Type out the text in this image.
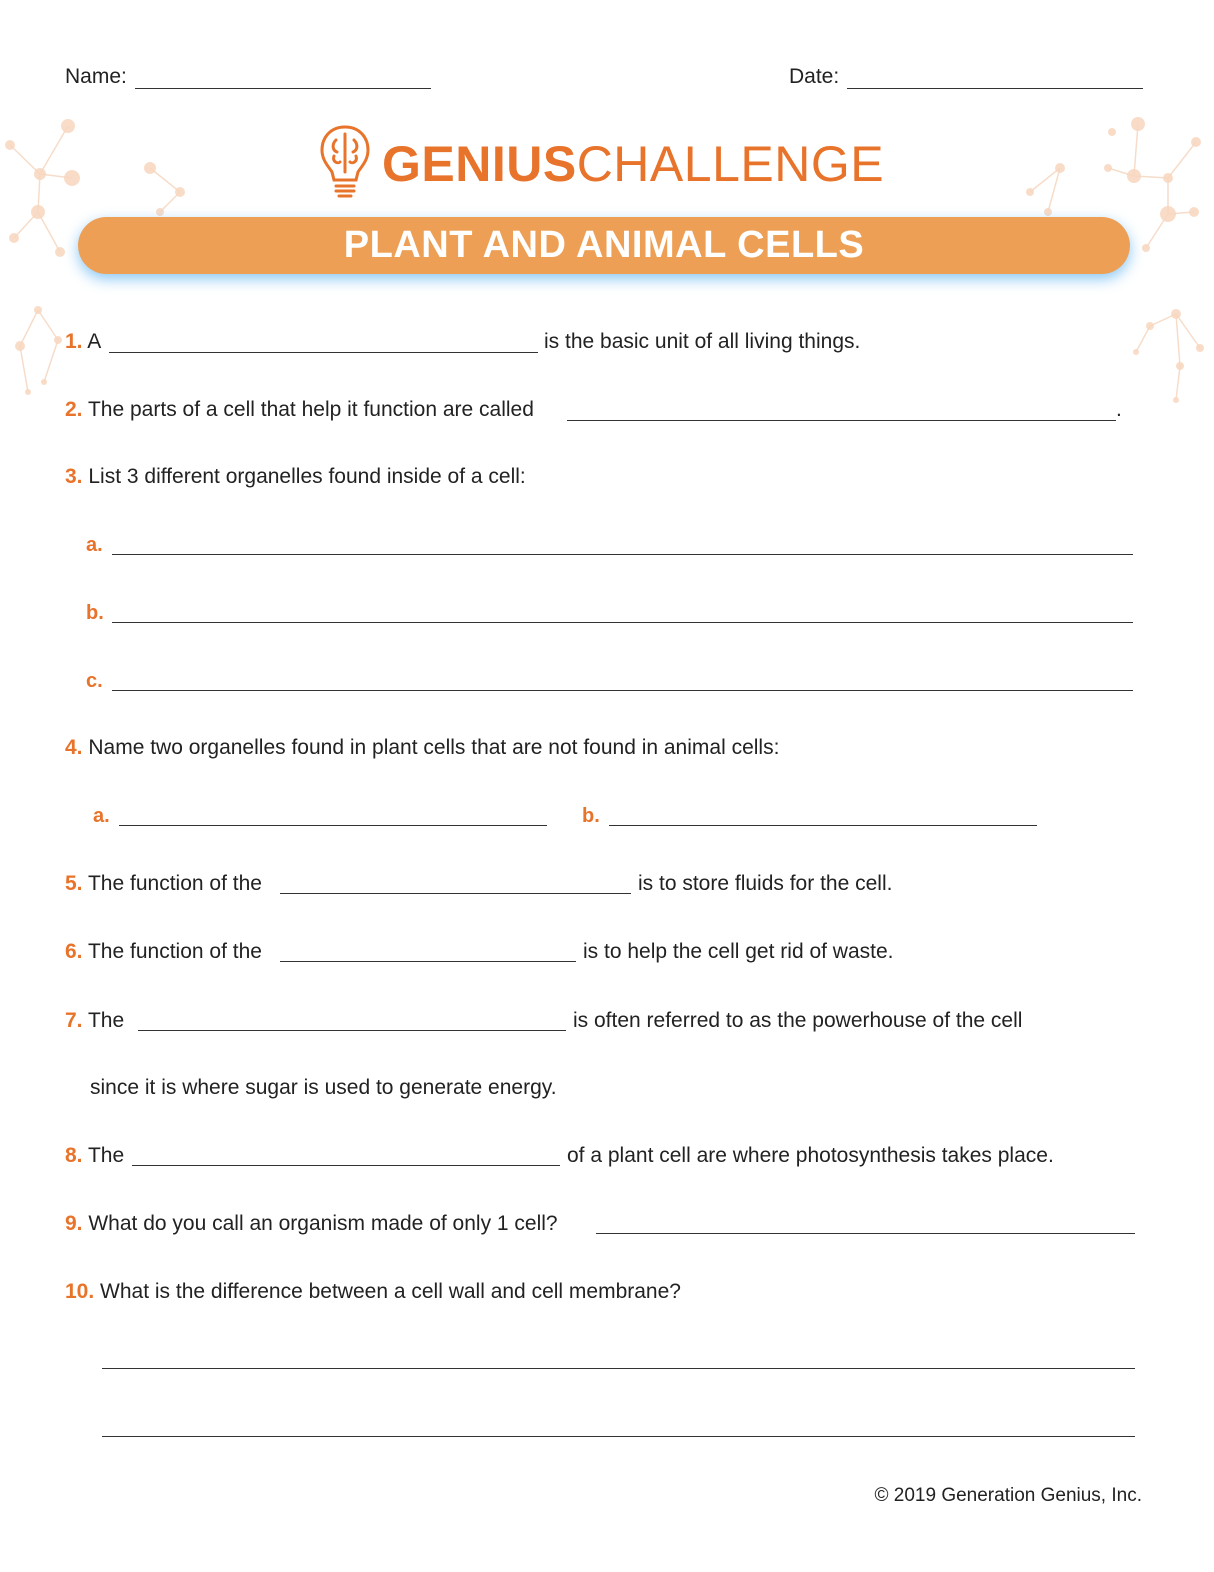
Name:	Date:
GENIUSCHALLENGE
PLANT AND ANIMAL CELLS
1. A	is the basic unit of all living things.
2. The parts of a cell that help it function are called	.
3. List 3 different organelles found inside of a cell:
a.
b.
c.
4. Name two organelles found in plant cells that are not found in animal cells:
a.	b.
5. The function of the	is to store fluids for the cell.
6. The function of the	is to help the cell get rid of waste.
7. The	is often referred to as the powerhouse of the cell
since it is where sugar is used to generate energy.
8. The	of a plant cell are where photosynthesis takes place.
9. What do you call an organism made of only 1 cell?
10. What is the difference between a cell wall and cell membrane?
© 2019 Generation Genius, Inc.
